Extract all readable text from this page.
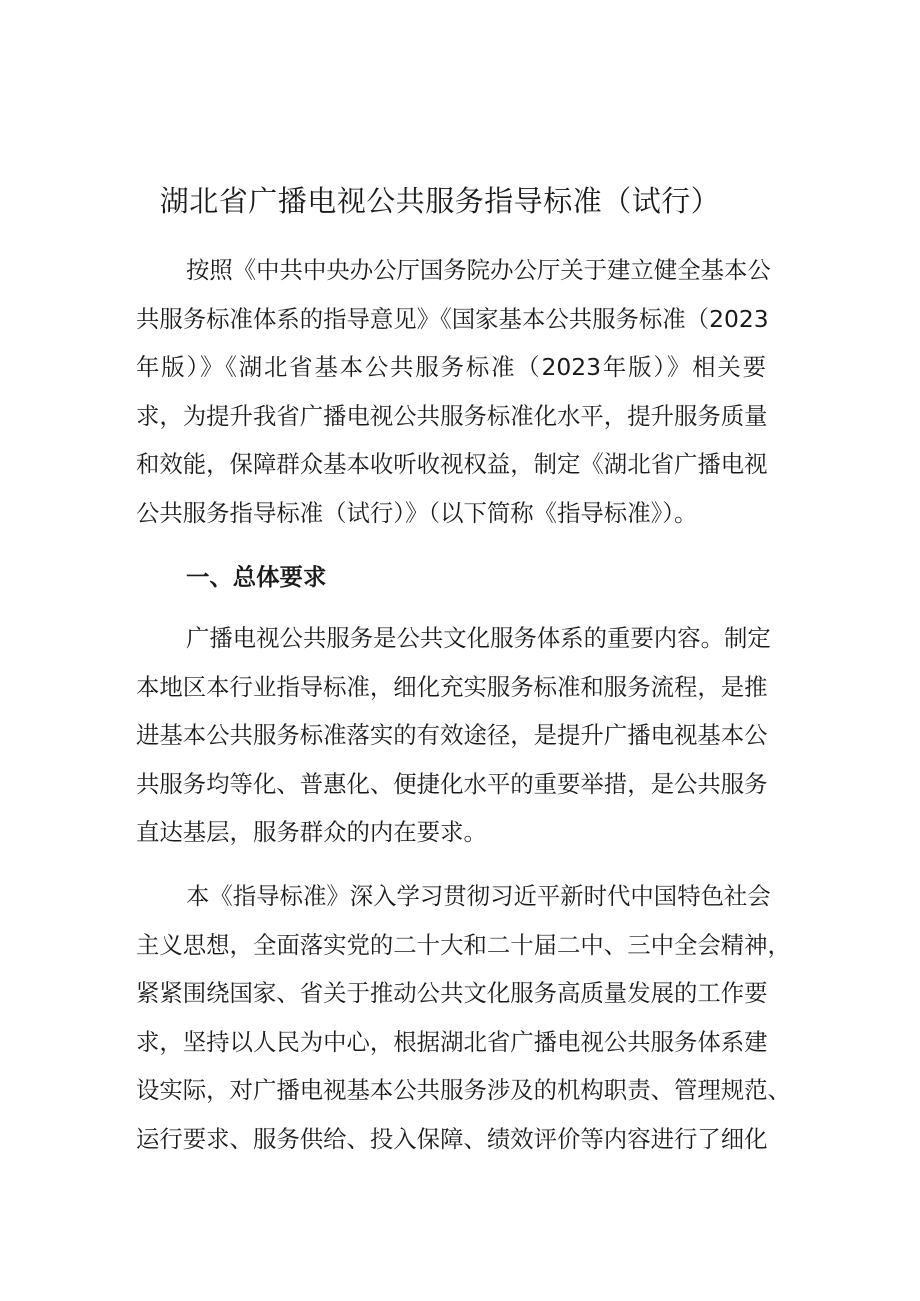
湖北省广播电视公共服务指导标准（试行）
按照《中共中央办公厅国务院办公厅关于建立健全基本公
共服务标准体系的指导意见》《国家基本公共服务标准（2023
年版）》《湖北省基本公共服务标准（2023年版）》相关要
求，为提升我省广播电视公共服务标准化水平，提升服务质量
和效能，保障群众基本收听收视权益，制定《湖北省广播电视
公共服务指导标准（试行）》（以下简称《指导标准》）。
一、总体要求
广播电视公共服务是公共文化服务体系的重要内容。制定
本地区本行业指导标准，细化充实服务标准和服务流程，是推
进基本公共服务标准落实的有效途径，是提升广播电视基本公
共服务均等化、普惠化、便捷化水平的重要举措，是公共服务
直达基层，服务群众的内在要求。
本《指导标准》深入学习贯彻习近平新时代中国特色社会
主义思想，全面落实党的二十大和二十届二中、三中全会精神，
紧紧围绕国家、省关于推动公共文化服务高质量发展的工作要
求，坚持以人民为中心，根据湖北省广播电视公共服务体系建
设实际，对广播电视基本公共服务涉及的机构职责、管理规范、
运行要求、服务供给、投入保障、绩效评价等内容进行了细化
